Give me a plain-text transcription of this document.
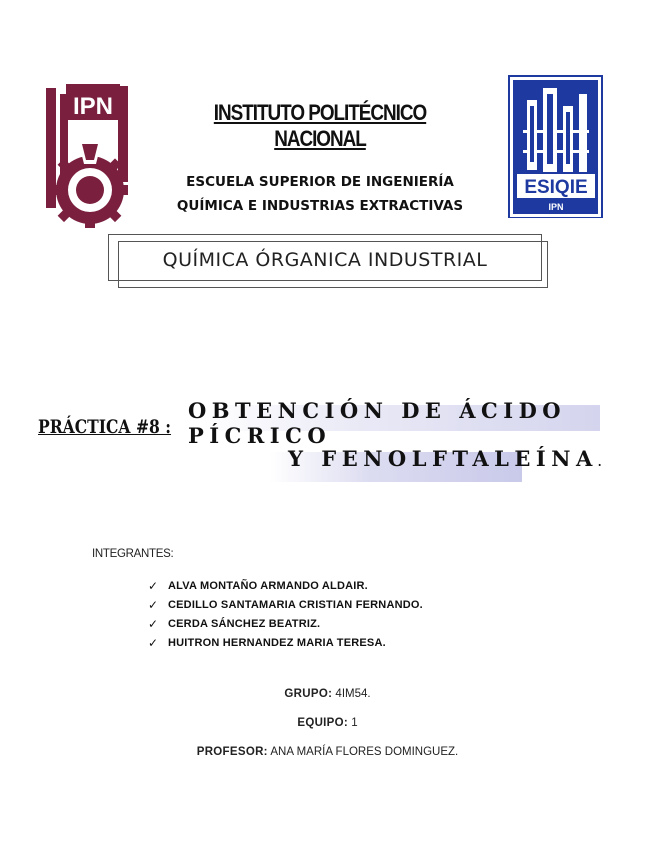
IPN
ESIQIE
IPN
INSTITUTO POLITÉCNICO NACIONAL
ESCUELA SUPERIOR DE INGENIERÍA
QUÍMICA E INDUSTRIAS EXTRACTIVAS
QUÍMICA ÓRGANICA INDUSTRIAL
PRÁCTICA #8 :
OBTENCIÓN DE ÁCIDO PÍCRICO
Y FENOLFTALEÍNA.
INTEGRANTES:
✓ ALVA MONTAÑO ARMANDO ALDAIR.
✓ CEDILLO SANTAMARIA CRISTIAN FERNANDO.
✓ CERDA SÁNCHEZ BEATRIZ.
✓ HUITRON HERNANDEZ MARIA TERESA.
GRUPO: 4IM54.
EQUIPO: 1
PROFESOR: ANA MARÍA FLORES DOMINGUEZ.
